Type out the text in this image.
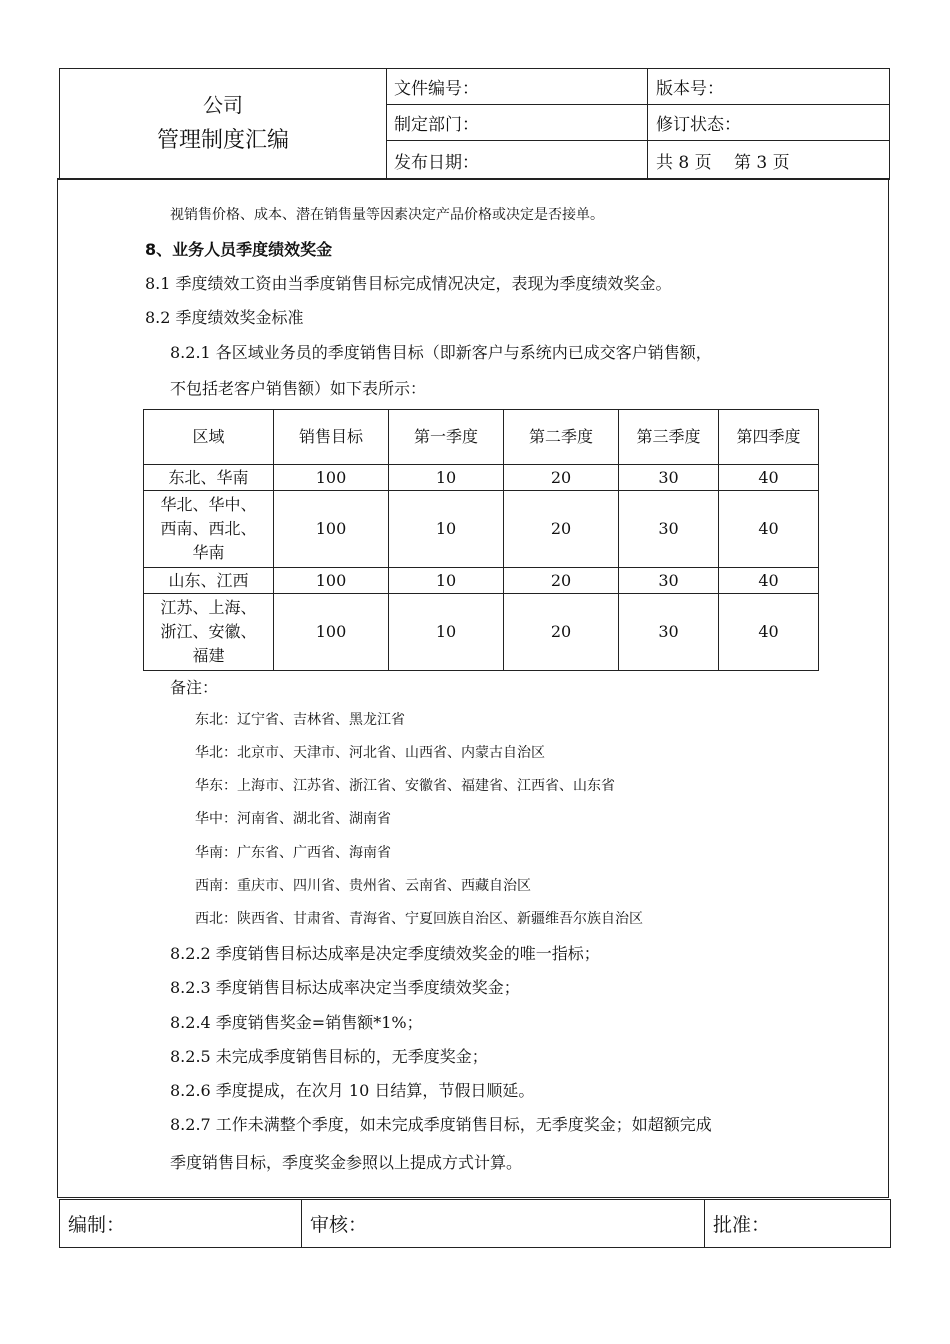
公司
管理制度汇编
文件编号：	版本号：
制定部门：	修订状态：
发布日期：	共 8 页　 第 3 页
视销售价格、成本、潜在销售量等因素决定产品价格或决定是否接单。
8、业务人员季度绩效奖金
8.1 季度绩效工资由当季度销售目标完成情况决定，表现为季度绩效奖金。
8.2 季度绩效奖金标准
8.2.1 各区域业务员的季度销售目标（即新客户与系统内已成交客户销售额，
不包括老客户销售额）如下表所示：
区域	销售目标	第一季度	第二季度	第三季度	第四季度

东北、华南	100	10	20	30	40

华北、华中、
西南、西北、
华南	100	10	20	30	40

山东、江西	100	10	20	30	40

江苏、上海、
浙江、安徽、
福建	100	10	20	30	40
备注：
东北：辽宁省、吉林省、黑龙江省
华北：北京市、天津市、河北省、山西省、内蒙古自治区
华东：上海市、江苏省、浙江省、安徽省、福建省、江西省、山东省
华中：河南省、湖北省、湖南省
华南：广东省、广西省、海南省
西南：重庆市、四川省、贵州省、云南省、西藏自治区
西北：陕西省、甘肃省、青海省、宁夏回族自治区、新疆维吾尔族自治区
8.2.2 季度销售目标达成率是决定季度绩效奖金的唯一指标；
8.2.3 季度销售目标达成率决定当季度绩效奖金；
8.2.4 季度销售奖金=销售额*1%；
8.2.5 未完成季度销售目标的，无季度奖金；
8.2.6 季度提成，在次月 10 日结算，节假日顺延。
8.2.7 工作未满整个季度，如未完成季度销售目标，无季度奖金；如超额完成
季度销售目标，季度奖金参照以上提成方式计算。
编制：	审核：	批准：
